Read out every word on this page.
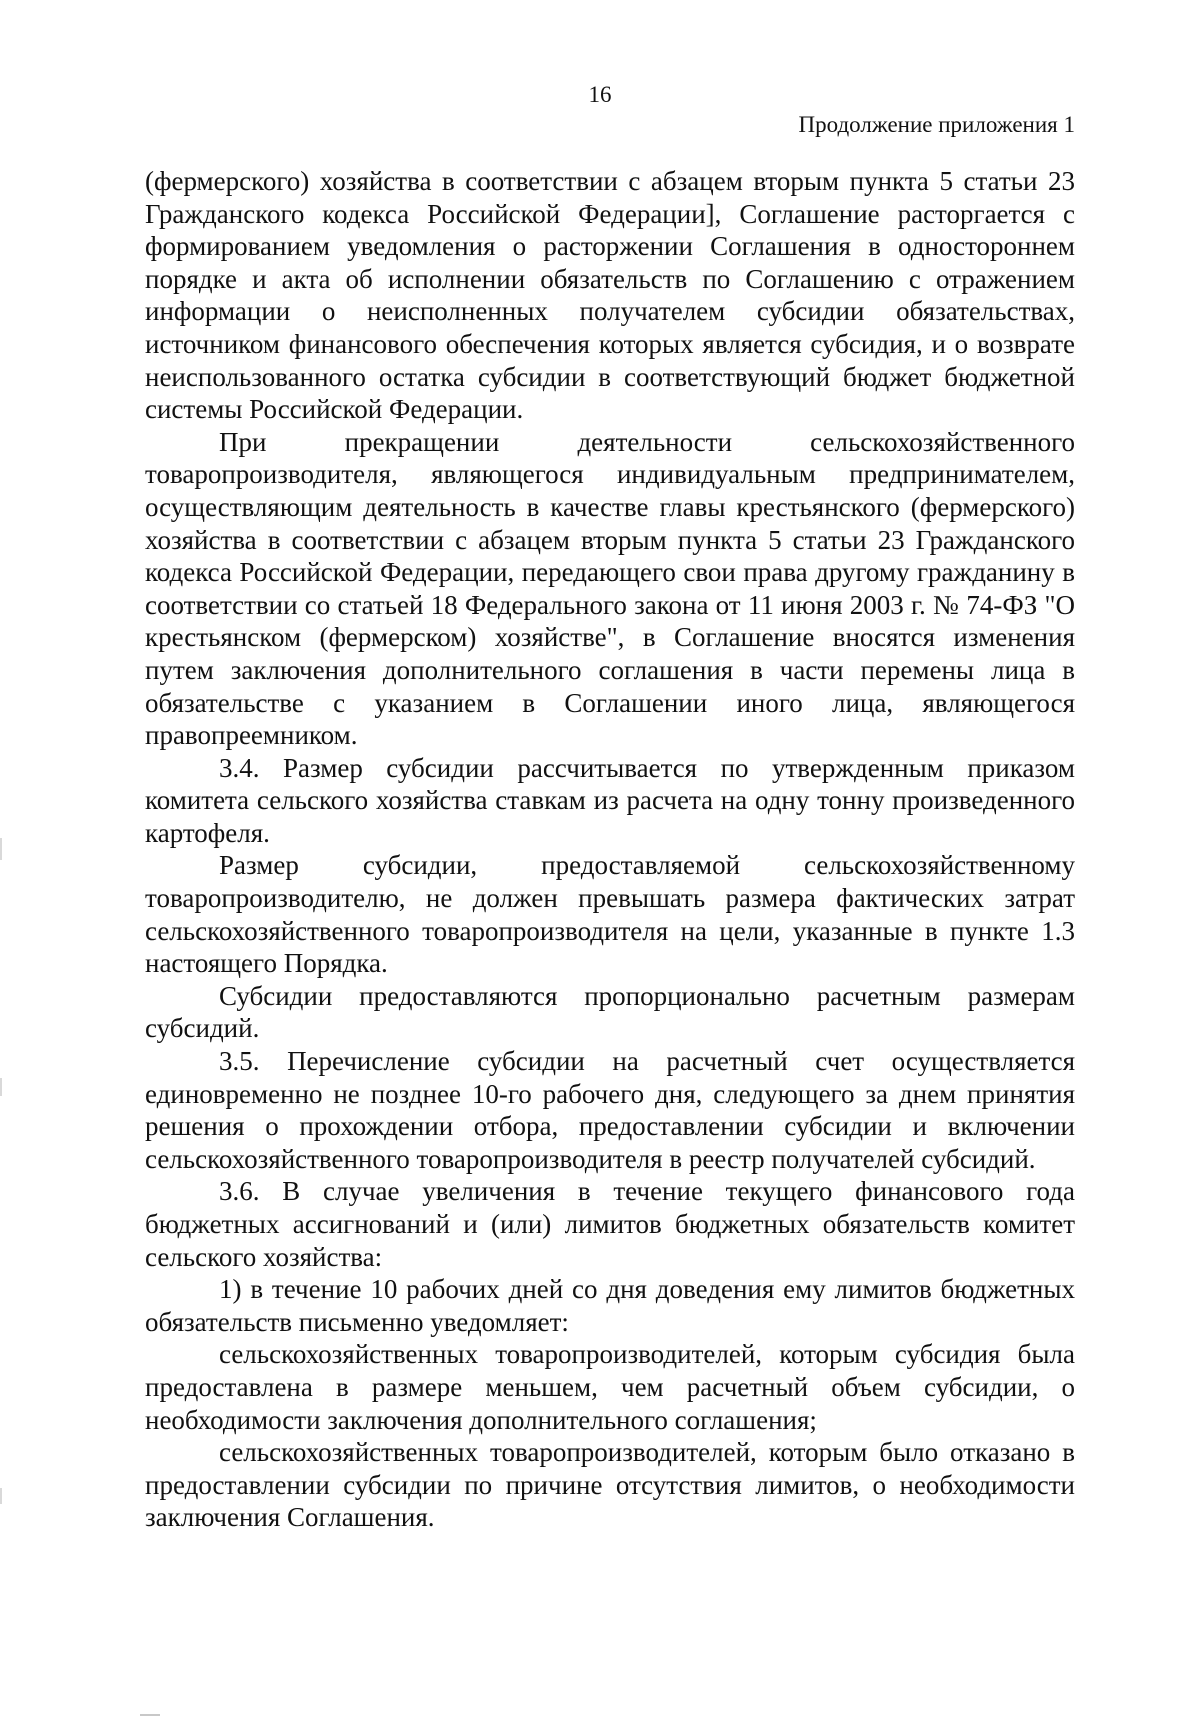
16
Продолжение приложения 1

(фермерского) хозяйства в соответствии с абзацем вторым пункта 5 статьи 23 Гражданского кодекса Российской Федерации], Соглашение расторгается с формированием уведомления о расторжении Соглашения в одностороннем порядке и акта об исполнении обязательств по Соглашению с отражением информации о неисполненных получателем субсидии обязательствах, источником финансового обеспечения которых является субсидия, и о возврате неиспользованного остатка субсидии в соответствующий бюджет бюджетной системы Российской Федерации.

При прекращении деятельности сельскохозяйственного товаропроизводителя, являющегося индивидуальным предпринимателем, осуществляющим деятельность в качестве главы крестьянского (фермерского) хозяйства в соответствии с абзацем вторым пункта 5 статьи 23 Гражданского кодекса Российской Федерации, передающего свои права другому гражданину в соответствии со статьей 18 Федерального закона от 11 июня 2003 г. № 74-ФЗ "О крестьянском (фермерском) хозяйстве", в Соглашение вносятся изменения путем заключения дополнительного соглашения в части перемены лица в обязательстве с указанием в Соглашении иного лица, являющегося правопреемником.

3.4. Размер субсидии рассчитывается по утвержденным приказом комитета сельского хозяйства ставкам из расчета на одну тонну произведенного картофеля.

Размер субсидии, предоставляемой сельскохозяйственному товаропроизводителю, не должен превышать размера фактических затрат сельскохозяйственного товаропроизводителя на цели, указанные в пункте 1.3 настоящего Порядка.

Субсидии предоставляются пропорционально расчетным размерам субсидий.

3.5. Перечисление субсидии на расчетный счет осуществляется единовременно не позднее 10-го рабочего дня, следующего за днем принятия решения о прохождении отбора, предоставлении субсидии и включении сельскохозяйственного товаропроизводителя в реестр получателей субсидий.

3.6. В случае увеличения в течение текущего финансового года бюджетных ассигнований и (или) лимитов бюджетных обязательств комитет сельского хозяйства:

1) в течение 10 рабочих дней со дня доведения ему лимитов бюджетных обязательств письменно уведомляет:

сельскохозяйственных товаропроизводителей, которым субсидия была предоставлена в размере меньшем, чем расчетный объем субсидии, о необходимости заключения дополнительного соглашения;

сельскохозяйственных товаропроизводителей, которым было отказано в предоставлении субсидии по причине отсутствия лимитов, о необходимости заключения Соглашения.
